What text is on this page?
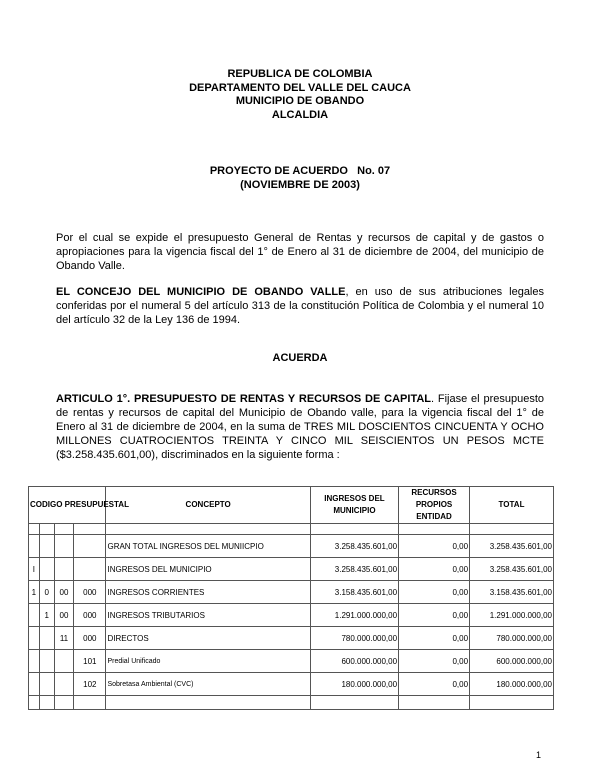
REPUBLICA DE COLOMBIA
DEPARTAMENTO DEL VALLE DEL CAUCA
MUNICIPIO DE OBANDO
ALCALDIA
PROYECTO DE ACUERDO   No. 07
(NOVIEMBRE DE 2003)
Por el cual se expide el presupuesto General de Rentas y recursos de capital y de gastos o apropiaciones para la vigencia fiscal del 1° de Enero al 31 de diciembre de 2004, del municipio de Obando Valle.
EL CONCEJO DEL MUNICIPIO DE OBANDO VALLE, en uso de sus atribuciones legales conferidas por el numeral 5 del artículo 313 de la constitución Política de Colombia y el numeral 10 del artículo 32 de la Ley 136 de 1994.
ACUERDA
ARTICULO 1°. PRESUPUESTO DE RENTAS Y RECURSOS DE CAPITAL. Fijase el presupuesto de rentas y recursos de capital del Municipio de Obando valle, para la vigencia fiscal del 1° de Enero al 31 de diciembre de 2004, en la suma de TRES MIL DOSCIENTOS CINCUENTA Y OCHO MILLONES CUATROCIENTOS TREINTA Y CINCO MIL SEISCIENTOS UN PESOS MCTE ($3.258.435.601,00), discriminados en la siguiente forma :
CODIGO PRESUPUESTAL				CONCEPTO	INGRESOS DEL MUNICIPIO	RECURSOS PROPIOS ENTIDAD	TOTAL

				GRAN TOTAL INGRESOS DEL MUNIICPIO	3.258.435.601,00	0,00	3.258.435.601,00
I				INGRESOS DEL MUNICIPIO	3.258.435.601,00	0,00	3.258.435.601,00
1	0	00	000	INGRESOS CORRIENTES	3.158.435.601,00	0,00	3.158.435.601,00
	1	00	000	INGRESOS TRIBUTARIOS	1.291.000.000,00	0,00	1.291.000.000,00
		11	000	DIRECTOS	780.000.000,00	0,00	780.000.000,00
			101	Predial Unificado	600.000.000,00	0,00	600.000.000,00
			102	Sobretasa Ambiental (CVC)	180.000.000,00	0,00	180.000.000,00

1
